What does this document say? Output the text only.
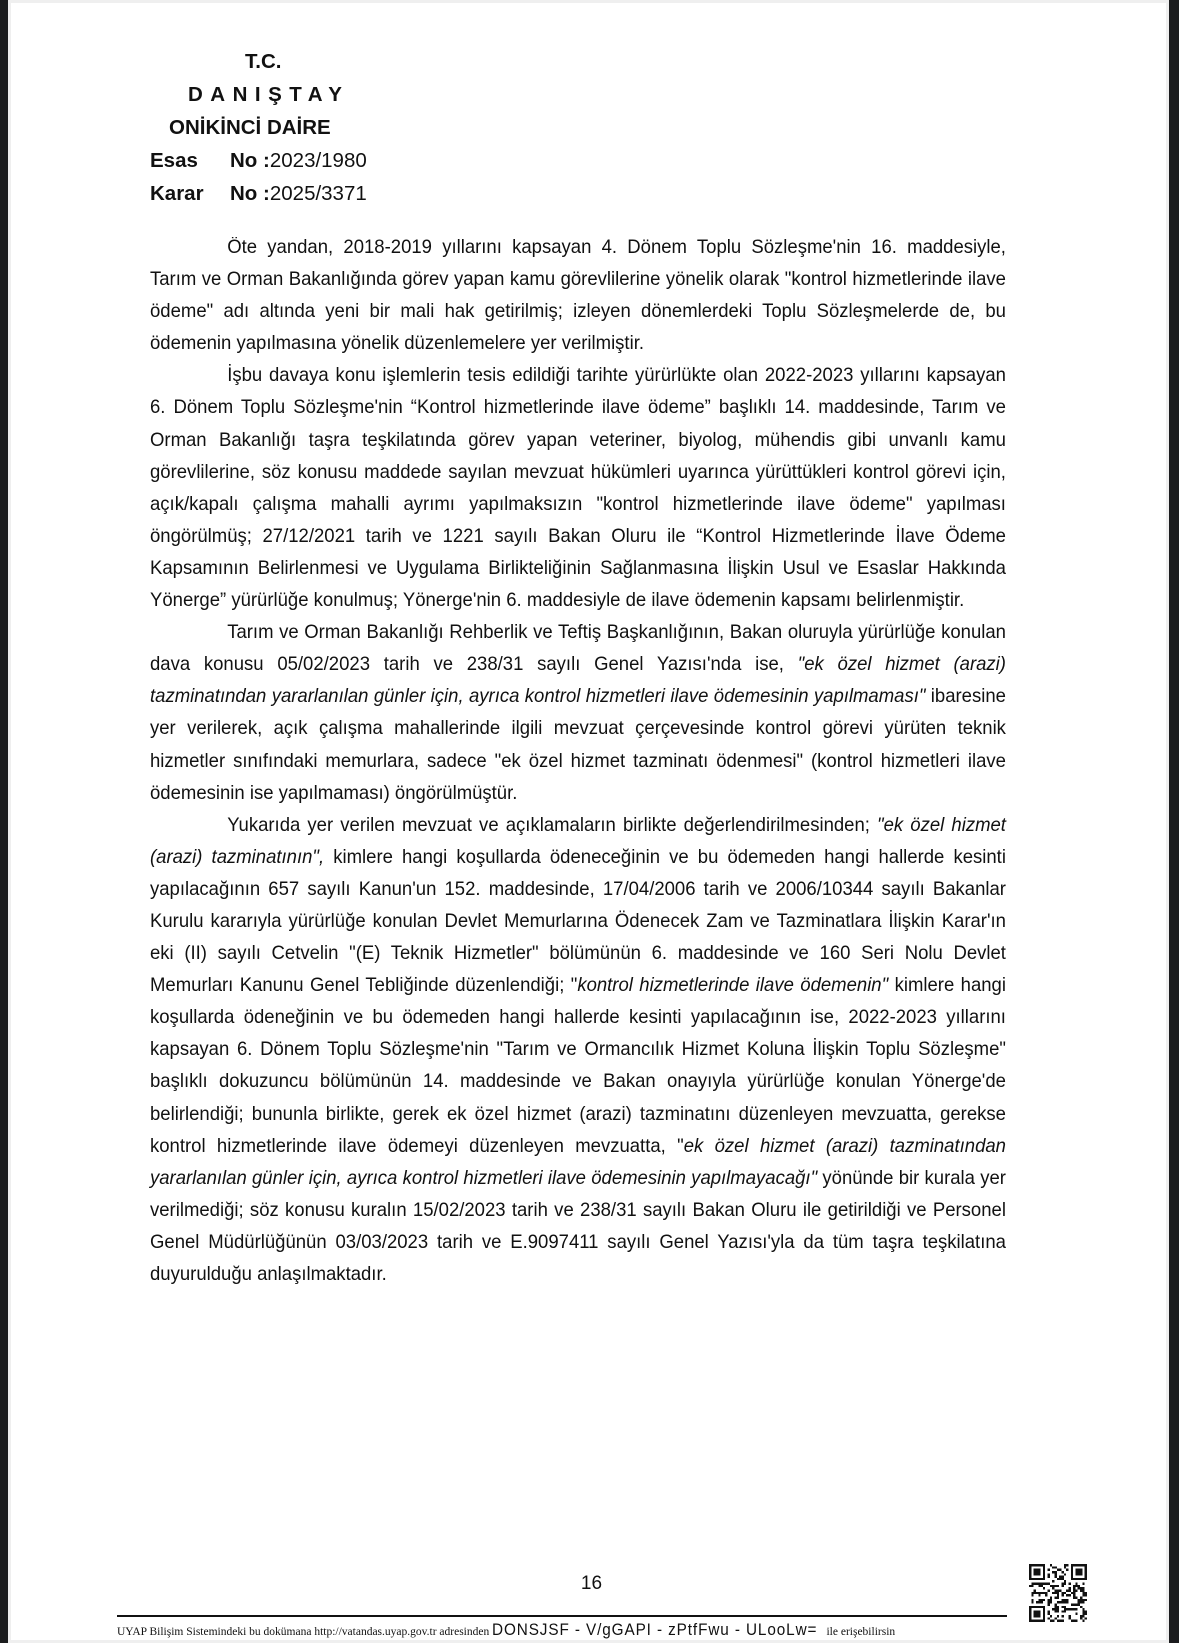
T.C.
DANIŞTAY
ONİKİNCİ DAİRE
Esas	No : 2023/1980
Karar	No : 2025/3371

Öte yandan, 2018-2019 yıllarını kapsayan 4. Dönem Toplu Sözleşme'nin 16. maddesiyle, Tarım ve Orman Bakanlığında görev yapan kamu görevlilerine yönelik olarak "kontrol hizmetlerinde ilave ödeme" adı altında yeni bir mali hak getirilmiş; izleyen dönemlerdeki Toplu Sözleşmelerde de, bu ödemenin yapılmasına yönelik düzenlemelere yer verilmiştir.

İşbu davaya konu işlemlerin tesis edildiği tarihte yürürlükte olan 2022-2023 yıllarını kapsayan 6. Dönem Toplu Sözleşme'nin “Kontrol hizmetlerinde ilave ödeme” başlıklı 14. maddesinde, Tarım ve Orman Bakanlığı taşra teşkilatında görev yapan veteriner, biyolog, mühendis gibi unvanlı kamu görevlilerine, söz konusu maddede sayılan mevzuat hükümleri uyarınca yürüttükleri kontrol görevi için, açık/kapalı çalışma mahalli ayrımı yapılmaksızın "kontrol hizmetlerinde ilave ödeme" yapılması öngörülmüş; 27/12/2021 tarih ve 1221 sayılı Bakan Oluru ile “Kontrol Hizmetlerinde İlave Ödeme Kapsamının Belirlenmesi ve Uygulama Birlikteliğinin Sağlanmasına İlişkin Usul ve Esaslar Hakkında Yönerge” yürürlüğe konulmuş; Yönerge'nin 6. maddesiyle de ilave ödemenin kapsamı belirlenmiştir.

Tarım ve Orman Bakanlığı Rehberlik ve Teftiş Başkanlığının, Bakan oluruyla yürürlüğe konulan dava konusu 05/02/2023 tarih ve 238/31 sayılı Genel Yazısı'nda ise, "ek özel hizmet (arazi) tazminatından yararlanılan günler için, ayrıca kontrol hizmetleri ilave ödemesinin yapılmaması" ibaresine yer verilerek, açık çalışma mahallerinde ilgili mevzuat çerçevesinde kontrol görevi yürüten teknik hizmetler sınıfındaki memurlara, sadece "ek özel hizmet tazminatı ödenmesi" (kontrol hizmetleri ilave ödemesinin ise yapılmaması) öngörülmüştür.

Yukarıda yer verilen mevzuat ve açıklamaların birlikte değerlendirilmesinden; "ek özel hizmet (arazi) tazminatının", kimlere hangi koşullarda ödeneceğinin ve bu ödemeden hangi hallerde kesinti yapılacağının 657 sayılı Kanun'un 152. maddesinde, 17/04/2006 tarih ve 2006/10344 sayılı Bakanlar Kurulu kararıyla yürürlüğe konulan Devlet Memurlarına Ödenecek Zam ve Tazminatlara İlişkin Karar'ın eki (II) sayılı Cetvelin "(E) Teknik Hizmetler" bölümünün 6. maddesinde ve 160 Seri Nolu Devlet Memurları Kanunu Genel Tebliğinde düzenlendiği; "kontrol hizmetlerinde ilave ödemenin" kimlere hangi koşullarda ödeneğinin ve bu ödemeden hangi hallerde kesinti yapılacağının ise, 2022-2023 yıllarını kapsayan 6. Dönem Toplu Sözleşme'nin "Tarım ve Ormancılık Hizmet Koluna İlişkin Toplu Sözleşme" başlıklı dokuzuncu bölümünün 14. maddesinde ve Bakan onayıyla yürürlüğe konulan Yönerge'de belirlendiği; bununla birlikte, gerek ek özel hizmet (arazi) tazminatını düzenleyen mevzuatta, gerekse kontrol hizmetlerinde ilave ödemeyi düzenleyen mevzuatta, "ek özel hizmet (arazi) tazminatından yararlanılan günler için, ayrıca kontrol hizmetleri ilave ödemesinin yapılmayacağı" yönünde bir kurala yer verilmediği; söz konusu kuralın 15/02/2023 tarih ve 238/31 sayılı Bakan Oluru ile getirildiği ve Personel Genel Müdürlüğünün 03/03/2023 tarih ve E.9097411 sayılı Genel Yazısı'yla da tüm taşra teşkilatına duyurulduğu anlaşılmaktadır.

16
UYAP Bilişim Sistemindeki bu dokümana http://vatandas.uyap.gov.tr adresinden DONSJSF - V/gGAPI - zPtfFwu - ULooLw= ile erişebilirsin
